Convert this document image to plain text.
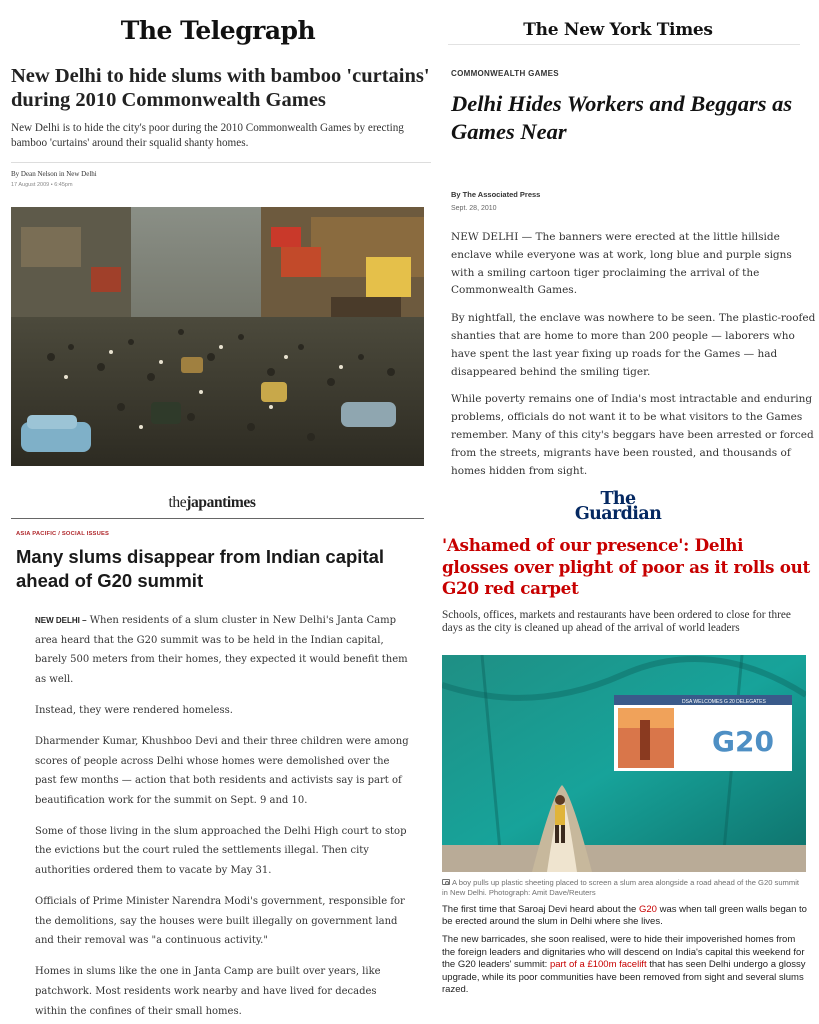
The Telegraph
New Delhi to hide slums with bamboo 'curtains' during 2010 Commonwealth Games

New Delhi is to hide the city's poor during the 2010 Commonwealth Games by erecting bamboo 'curtains' around their squalid shanty homes.

By Dean Nelson in New Delhi
17 August 2009 • 6:45pm
The New York Times
COMMONWEALTH GAMES
Delhi Hides Workers and Beggars as Games Near
By The Associated Press
Sept. 28, 2010

NEW DELHI — The banners were erected at the little hillside enclave while everyone was at work, long blue and purple signs with a smiling cartoon tiger proclaiming the arrival of the Commonwealth Games.

By nightfall, the enclave was nowhere to be seen. The plastic-roofed shanties that are home to more than 200 people — laborers who have spent the last year fixing up roads for the Games — had disappeared behind the smiling tiger.

While poverty remains one of India's most intractable and enduring problems, officials do not want it to be what visitors to the Games remember. Many of this city's beggars have been arrested or forced from the streets, migrants have been rousted, and thousands of homes hidden from sight.

thejapantimes
ASIA PACIFIC / SOCIAL ISSUES
Many slums disappear from Indian capital ahead of G20 summit

NEW DELHI – When residents of a slum cluster in New Delhi's Janta Camp area heard that the G20 summit was to be held in the Indian capital, barely 500 meters from their homes, they expected it would benefit them as well.

Instead, they were rendered homeless.

Dharmender Kumar, Khushboo Devi and their three children were among scores of people across Delhi whose homes were demolished over the past few months — action that both residents and activists say is part of beautification work for the summit on Sept. 9 and 10.

Some of those living in the slum approached the Delhi High court to stop the evictions but the court ruled the settlements illegal. Then city authorities ordered them to vacate by May 31.

Officials of Prime Minister Narendra Modi's government, responsible for the demolitions, say the houses were built illegally on government land and their removal was "a continuous activity."

Homes in slums like the one in Janta Camp are built over years, like patchwork. Most residents work nearby and have lived for decades within the confines of their small homes.

The
Guardian
'Ashamed of our presence': Delhi glosses over plight of poor as it rolls out G20 red carpet

Schools, offices, markets and restaurants have been ordered to close for three days as the city is cleaned up ahead of the arrival of world leaders

DSA WELCOMES G 20 DELEGATES
G20

A boy pulls up plastic sheeting placed to screen a slum area alongside a road ahead of the G20 summit in New Delhi. Photograph: Amit Dave/Reuters

The first time that Saroaj Devi heard about the G20 was when tall green walls began to be erected around the slum in Delhi where she lives.

The new barricades, she soon realised, were to hide their impoverished homes from the foreign leaders and dignitaries who will descend on India's capital this weekend for the G20 leaders' summit: part of a £100m facelift that has seen Delhi undergo a glossy upgrade, while its poor communities have been removed from sight and several slums razed.
